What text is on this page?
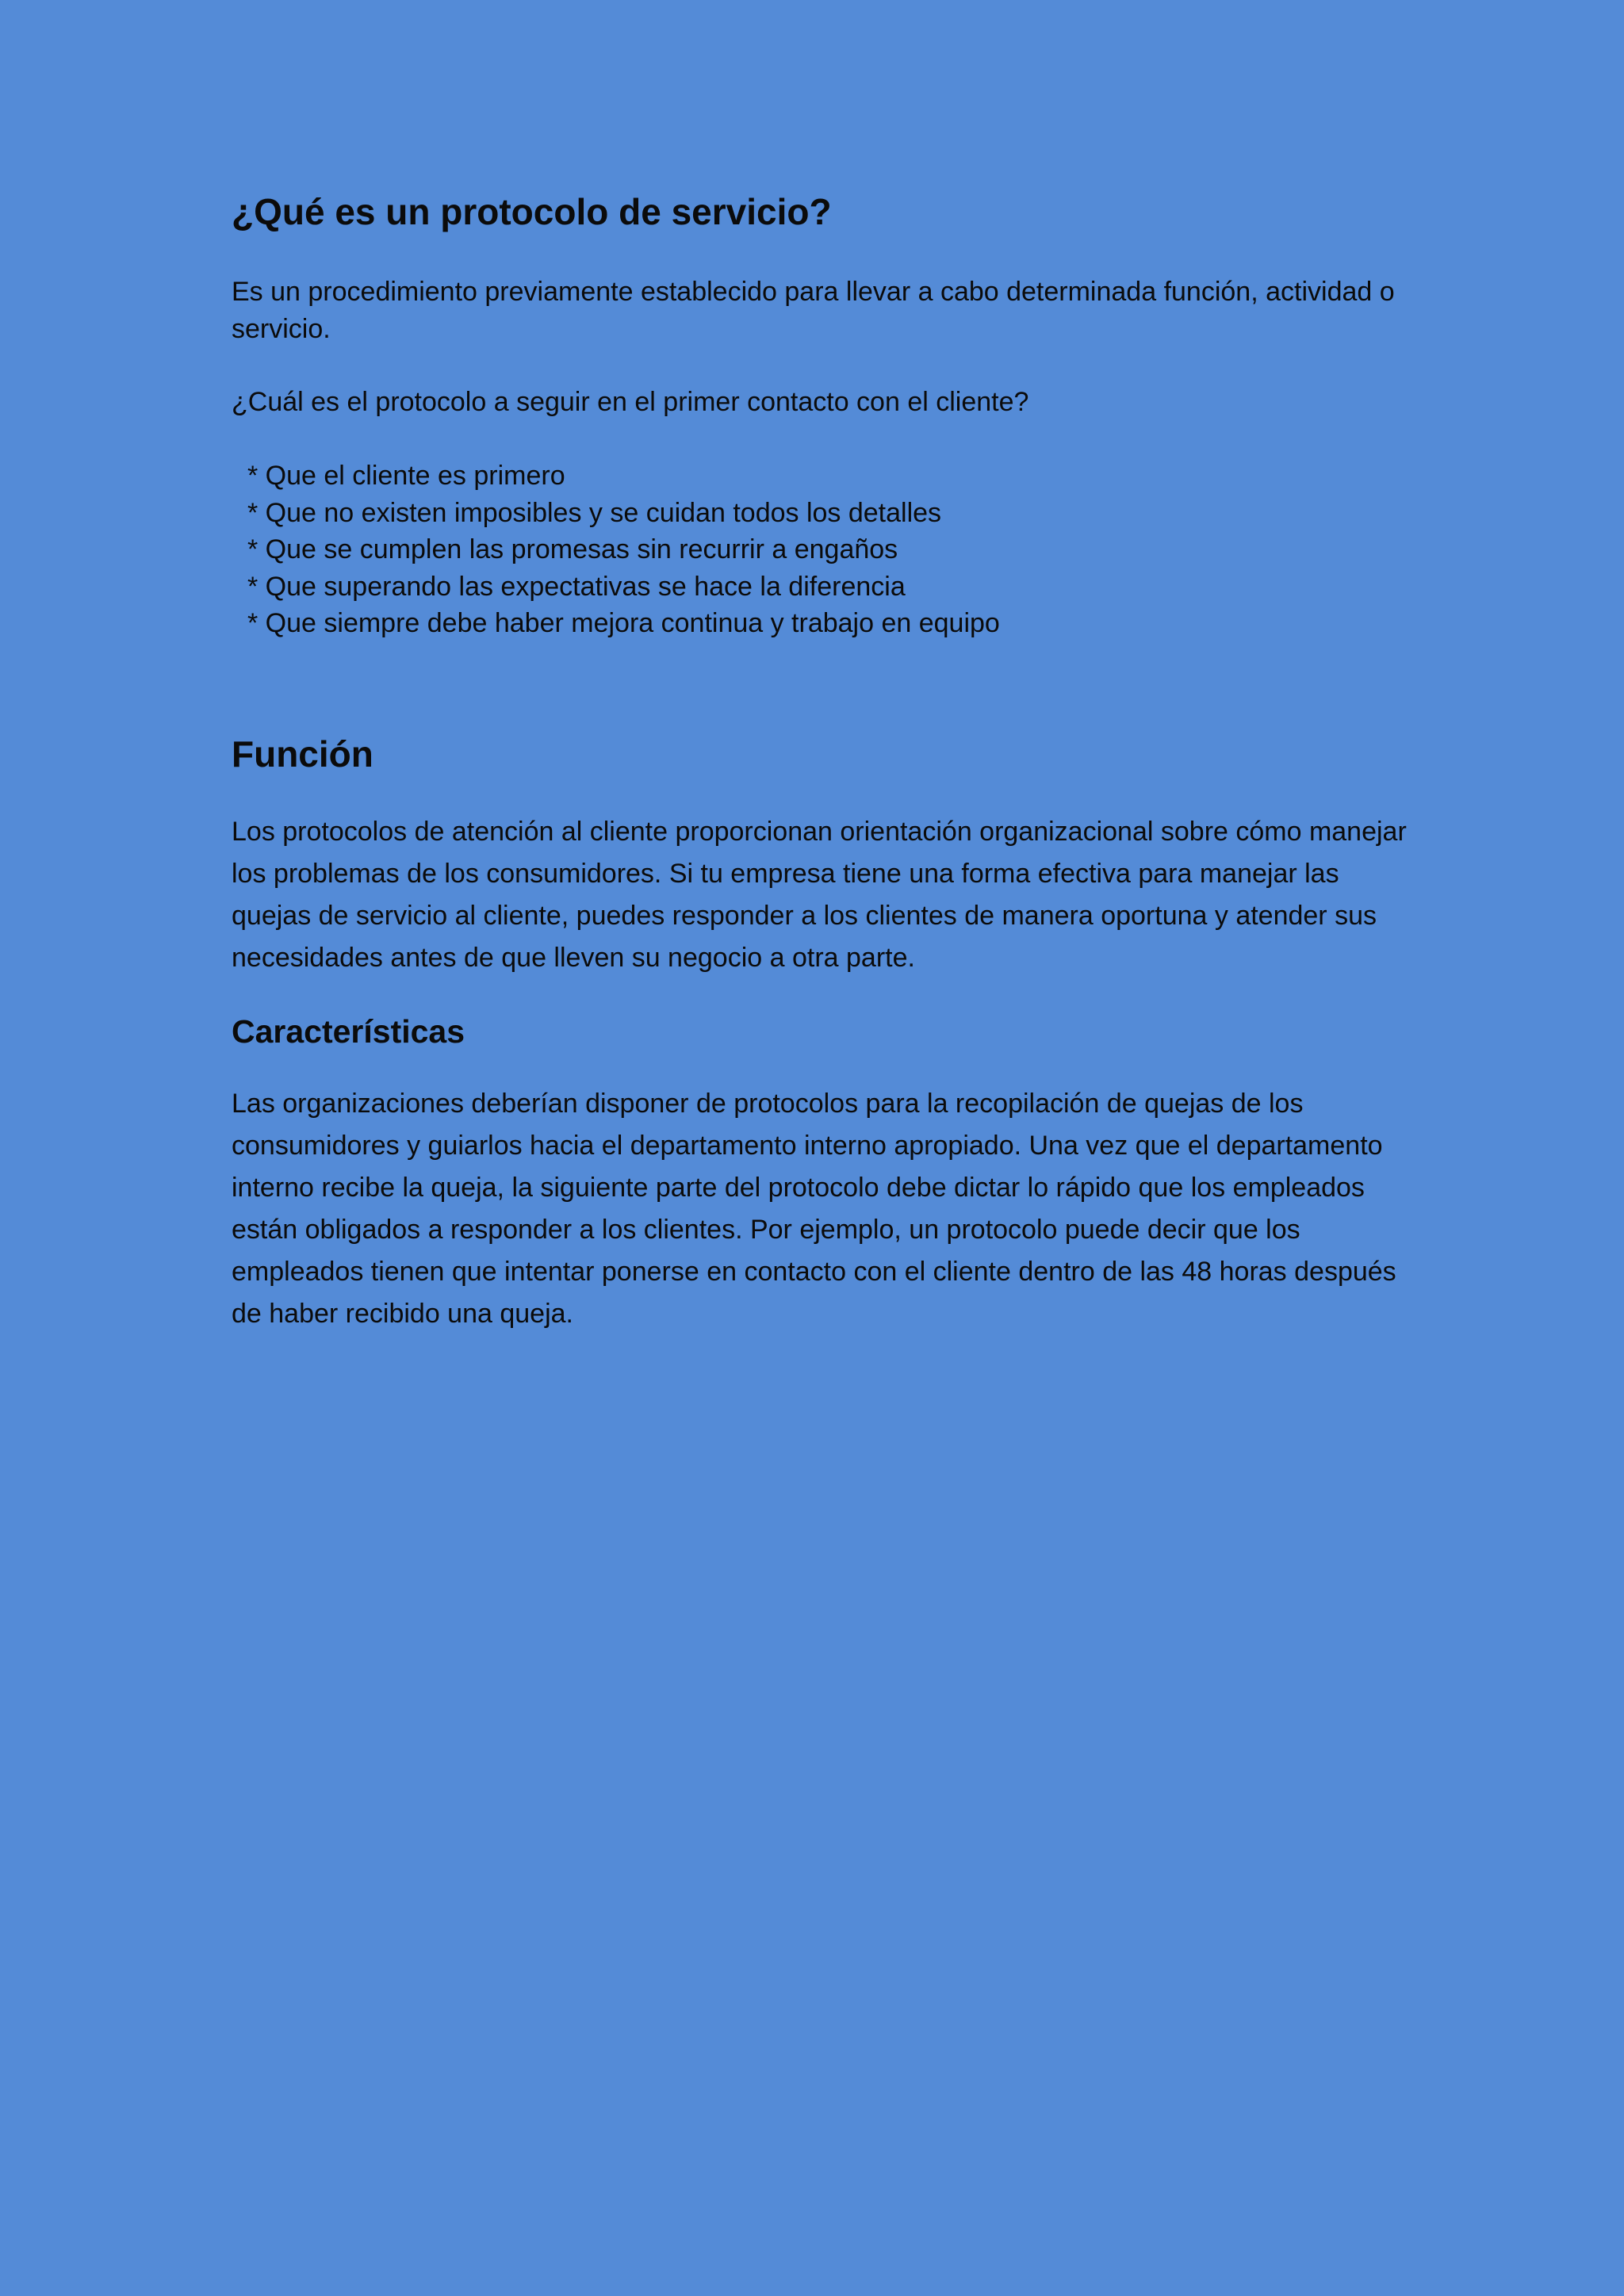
¿Qué es un protocolo de servicio?

Es un procedimiento previamente establecido para llevar a cabo determinada función, actividad o servicio.

¿Cuál es el protocolo a seguir en el primer contacto con el cliente?

* Que el cliente es primero
* Que no existen imposibles y se cuidan todos los detalles
* Que se cumplen las promesas sin recurrir a engaños
* Que superando las expectativas se hace la diferencia
* Que siempre debe haber mejora continua y trabajo en equipo
Función

Los protocolos de atención al cliente proporcionan orientación organizacional sobre cómo manejar los problemas de los consumidores. Si tu empresa tiene una forma efectiva para manejar las quejas de servicio al cliente, puedes responder a los clientes de manera oportuna y atender sus necesidades antes de que lleven su negocio a otra parte.

Características

Las organizaciones deberían disponer de protocolos para la recopilación de quejas de los consumidores y guiarlos hacia el departamento interno apropiado. Una vez que el departamento interno recibe la queja, la siguiente parte del protocolo debe dictar lo rápido que los empleados están obligados a responder a los clientes. Por ejemplo, un protocolo puede decir que los empleados tienen que intentar ponerse en contacto con el cliente dentro de las 48 horas después de haber recibido una queja.
